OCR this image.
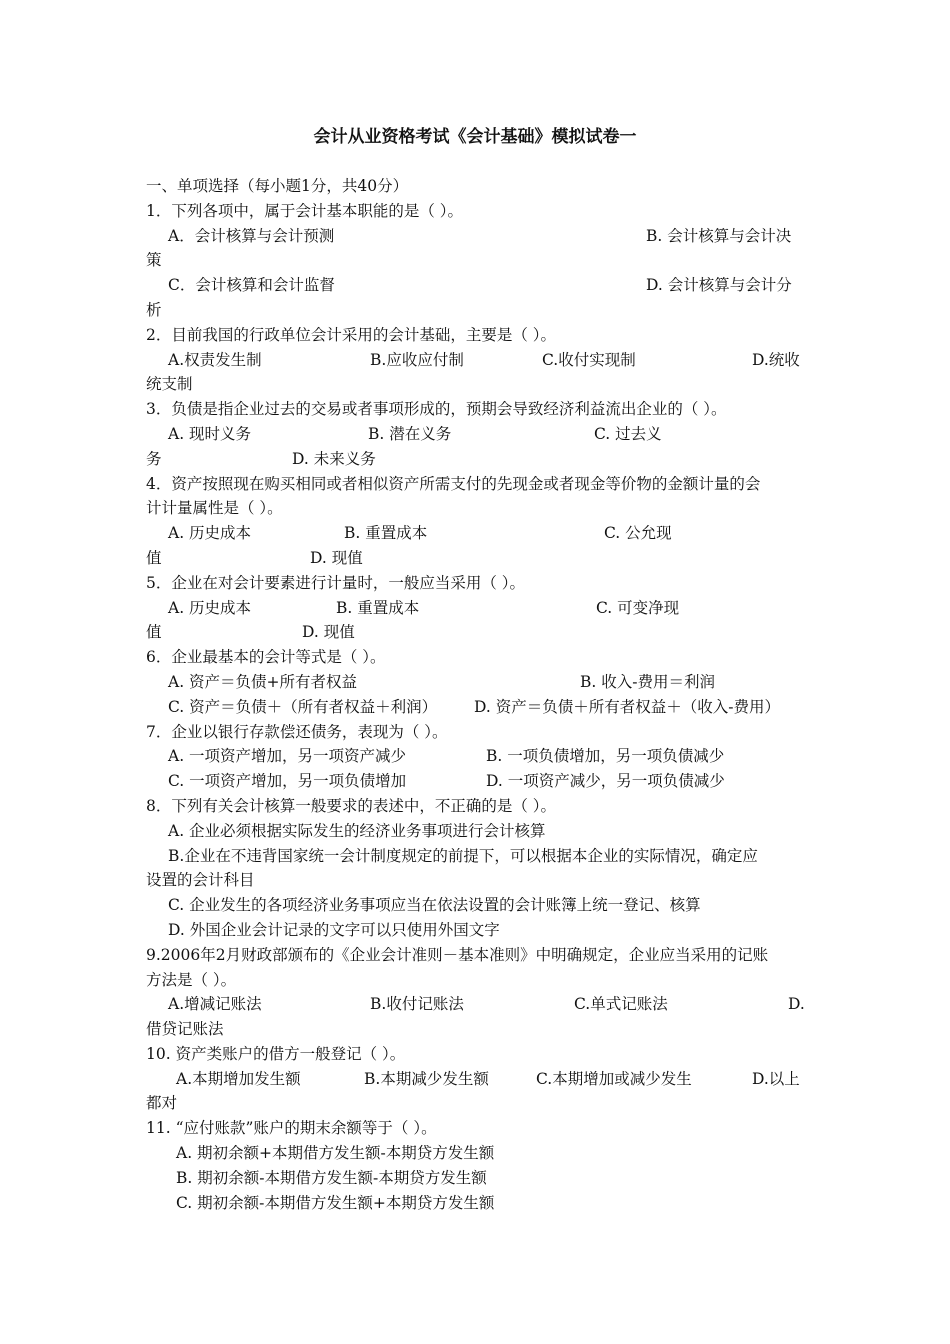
会计从业资格考试《会计基础》模拟试卷一
一、单项选择（每小题1分，共40分）
1．下列各项中，属于会计基本职能的是（ ）。

A．会计核算与会计预测

	B. 会计核算与会计决

策

C．会计核算和会计监督

	D. 会计核算与会计分

析
2．目前我国的行政单位会计采用的会计基础，主要是（ ）。

A.权责发生制

	B.应收应付制

	C.收付实现制

	D.统收

统支制
3．负债是指企业过去的交易或者事项形成的，预期会导致经济利益流出企业的（ ）。

A. 现时义务

	B. 潜在义务

	C. 过去义

务

	D. 未来义务

4．资产按照现在购买相同或者相似资产所需支付的先现金或者现金等价物的金额计量的会
计计量属性是（ ）。

A. 历史成本

	B. 重置成本

	C. 公允现

值

	D. 现值

5．企业在对会计要素进行计量时，一般应当采用（ ）。

A. 历史成本

	B. 重置成本

	C. 可变净现

值

	D. 现值

6．企业最基本的会计等式是（ ）。

A. 资产＝负债+所有者权益

	B. 收入-费用＝利润

C. 资产＝负债＋（所有者权益＋利润）

D. 资产＝负债＋所有者权益＋（收入-费用）

7．企业以银行存款偿还债务，表现为（ ）。

A. 一项资产增加，另一项资产减少

	B. 一项负债增加，另一项负债减少

C. 一项资产增加，另一项负债增加

	D. 一项资产减少，另一项负债减少

8．下列有关会计核算一般要求的表述中，不正确的是（ ）。
A. 企业必须根据实际发生的经济业务事项进行会计核算
B.企业在不违背国家统一会计制度规定的前提下，可以根据本企业的实际情况，确定应
设置的会计科目
C. 企业发生的各项经济业务事项应当在依法设置的会计账簿上统一登记、核算
D. 外国企业会计记录的文字可以只使用外国文字
9.2006年2月财政部颁布的《企业会计准则－基本准则》中明确规定，企业应当采用的记账
方法是（ ）。

A.增减记账法

	B.收付记账法

	C.单式记账法

	D.

借贷记账法
10. 资产类账户的借方一般登记（ ）。

A.本期增加发生额

	B.本期减少发生额

	C.本期增加或减少发生

	D.以上

都对
11. “应付账款”账户的期末余额等于（ ）。
A. 期初余额+本期借方发生额-本期贷方发生额
B. 期初余额-本期借方发生额-本期贷方发生额
C. 期初余额-本期借方发生额+本期贷方发生额
